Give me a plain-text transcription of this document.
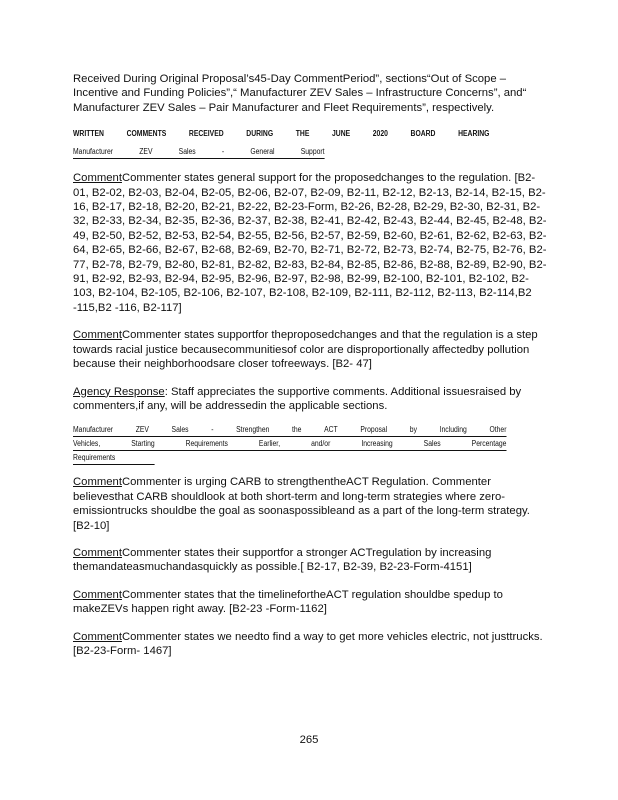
Received During Original Proposal’s45-Day CommentPeriod”, sections“Out of Scope – Incentive and Funding Policies”,“ Manufacturer ZEV Sales – Infrastructure Concerns”, and“ Manufacturer ZEV Sales – Pair Manufacturer and Fleet Requirements”, respectively.

WRITTEN	COMMENTS	RECEIVED	DURING	THE	JUNE	2020	BOARD	HEARING
Manufacturer	ZEV	Sales	-	General	Support

CommentCommenter states general support for the proposedchanges to the regulation. [B2-01, B2-02, B2-03, B2-04, B2-05, B2-06, B2-07, B2-09, B2-11, B2-12, B2-13, B2-14, B2-15, B2-16, B2-17, B2-18, B2-20, B2-21, B2-22, B2-23-Form, B2-26, B2-28, B2-29, B2-30, B2-31, B2-32, B2-33, B2-34, B2-35, B2-36, B2-37, B2-38, B2-41, B2-42, B2-43, B2-44, B2-45, B2-48, B2-49, B2-50, B2-52, B2-53, B2-54, B2-55, B2-56, B2-57, B2-59, B2-60, B2-61, B2-62, B2-63, B2-64, B2-65, B2-66, B2-67, B2-68, B2-69, B2-70, B2-71, B2-72, B2-73, B2-74, B2-75, B2-76, B2-77, B2-78, B2-79, B2-80, B2-81, B2-82, B2-83, B2-84, B2-85, B2-86, B2-88, B2-89, B2-90, B2-91, B2-92, B2-93, B2-94, B2-95, B2-96, B2-97, B2-98, B2-99, B2-100, B2-101, B2-102, B2-103, B2-104, B2-105, B2-106, B2-107, B2-108, B2-109, B2-111, B2-112, B2-113, B2-114,B2 -115,B2 -116, B2-117]

CommentCommenter states supportfor theproposedchanges and that the regulation is a step towards racial justice becausecommunitiesof color are disproportionally affectedby pollution because their neighborhoodsare closer tofreeways. [B2- 47]

Agency Response: Staff appreciates the supportive comments. Additional issuesraised by commenters,if any, will be addressedin the applicable sections.

Manufacturer	ZEV	Sales	-	Strengthen	the	ACT	Proposal	by	Including	Other
Vehicles,	Starting	Requirements	Earlier,	and/or	Increasing	Sales	Percentage
Requirements

CommentCommenter is urging CARB to strengthentheACT Regulation. Commenter believesthat CARB shouldlook at both short-term and long-term strategies where zero-emissiontrucks shouldbe the goal as soonaspossibleand as a part of the long-term strategy. [B2-10]

CommentCommenter states their supportfor a stronger ACTregulation by increasing themandateasmuchandasquickly as possible.[ B2-17, B2-39, B2-23-Form-4151]

CommentCommenter states that the timelinefortheACT regulation shouldbe spedup to makeZEVs happen right away. [B2-23 -Form-1162]

CommentCommenter states we needto find a way to get more vehicles electric, not justtrucks. [B2-23-Form- 1467]

265
